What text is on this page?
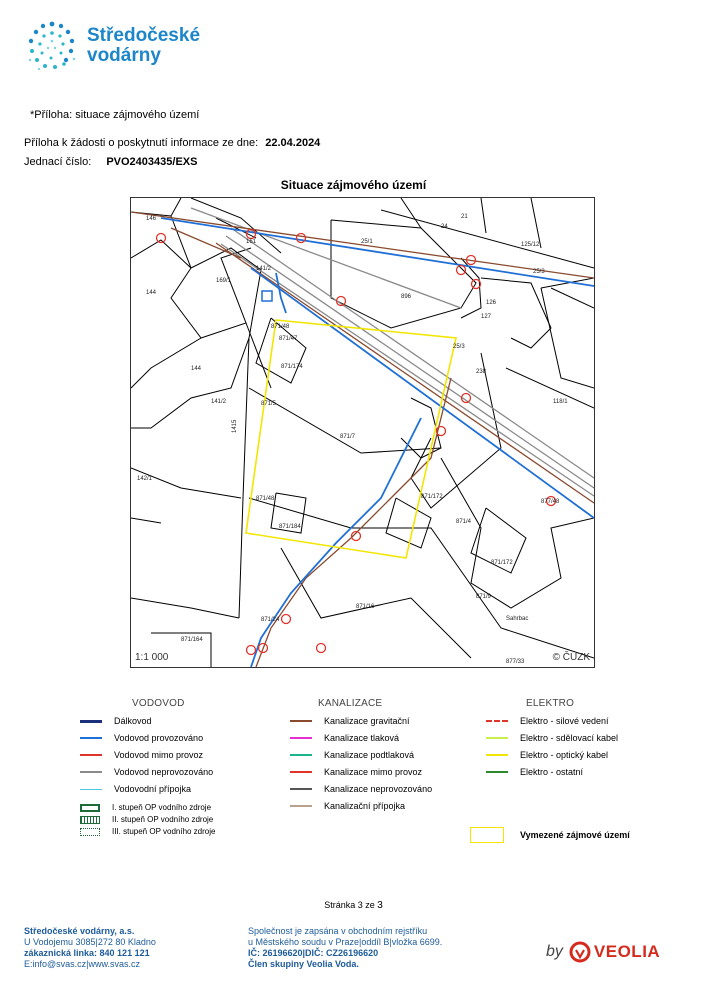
Středočeské
vodárny
*Příloha: situace zájmového území
Příloha k žádosti o poskytnutí informace ze dne: 22.04.2024
Jednací číslo: PVO2403435/EXS
Situace zájmového území
146
161
169/1
144
144
896
871/48
871/47
871/174
871/5
871/7
871/48
871/184
871/172
871/4
871/172
871/16
871/9
Sahrbac
871/24
871/164
25/1	125/12
24
21
126
127
25/3
238
118/1
877/48
142/1
141/2
141/2	25/3
877/33
1415
1:1 000	© ČÚZK
VODOVOD	KANALIZACE	ELEKTRO
Dálkovod
Vodovod provozováno
Vodovod mimo provoz
Vodovod neprovozováno
Vodovodní přípojka
I. stupeň OP vodního zdroje
II. stupeň OP vodního zdroje
III. stupeň OP vodního zdroje
Kanalizace gravitační
Kanalizace tlaková
Kanalizace podtlaková
Kanalizace mimo provoz
Kanalizace neprovozováno
Kanalizační přípojka
Elektro - silové vedení
Elektro - sdělovací kabel
Elektro - optický kabel
Elektro - ostatní
Vymezené zájmové území
Stránka 3 ze 3
Středočeské vodárny, a.s.
U Vodojemu 3085|272 80 Kladno
zákaznická linka: 840 121 121
E:info@svas.cz|www.svas.cz
Společnost je zapsána v obchodním rejstříku
u Městského soudu v Praze|oddíl B|vložka 6699.
IČ: 26196620|DIČ: CZ26196620
Člen skupiny Veolia Voda.
by VEOLIA
